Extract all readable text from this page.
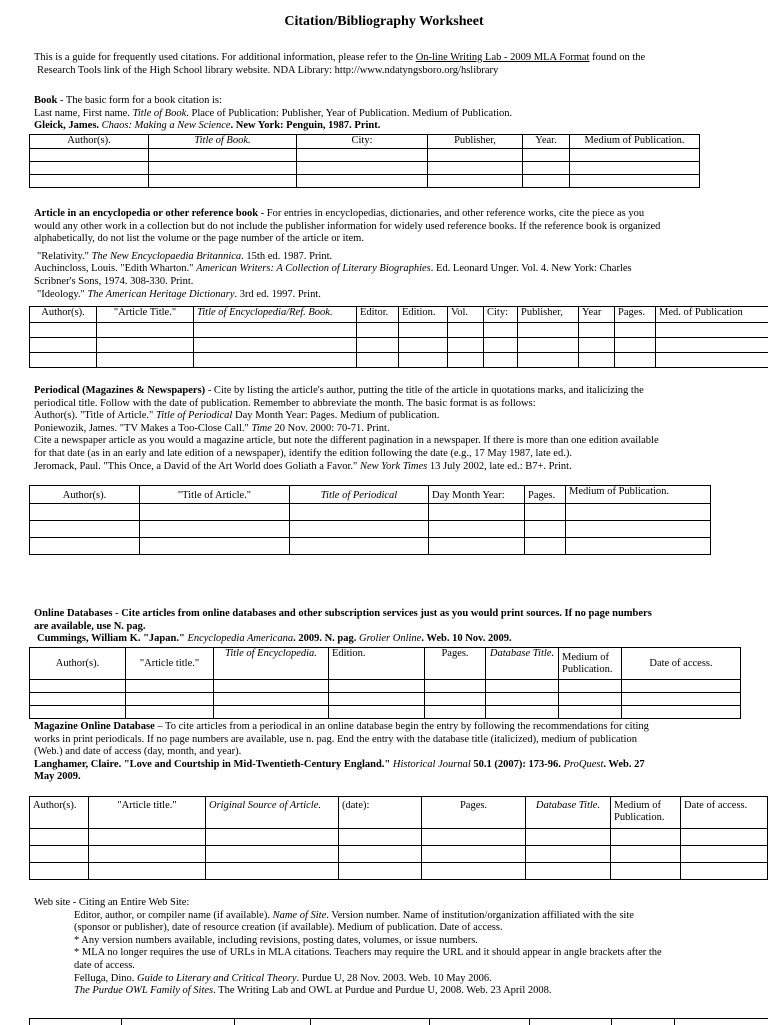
Citation/Bibliography Worksheet
This is a guide for frequently used citations. For additional information, please refer to the On-line Writing Lab - 2009 MLA Format found on the
Research Tools link of the High School library website. NDA Library: http://www.ndatyngsboro.org/hslibrary
Book - The basic form for a book citation is:
Last name, First name. Title of Book. Place of Publication: Publisher, Year of Publication. Medium of Publication.
Gleick, James. Chaos: Making a New Science. New York: Penguin, 1987. Print.
Author(s).	Title of Book.	City:	Publisher,	Year.	Medium of Publication.

Article in an encyclopedia or other reference book - For entries in encyclopedias, dictionaries, and other reference works, cite the piece as you
would any other work in a collection but do not include the publisher information for widely used reference books. If the reference book is organized
alphabetically, do not list the volume or the page number of the article or item.
"Relativity." The New Encyclopaedia Britannica. 15th ed. 1987. Print.
Auchincloss, Louis. "Edith Wharton." American Writers: A Collection of Literary Biographies. Ed. Leonard Unger. Vol. 4. New York: Charles
Scribner's Sons, 1974. 308-330. Print.
"Ideology." The American Heritage Dictionary. 3rd ed. 1997. Print.
Author(s).	"Article Title."	Title of Encyclopedia/Ref. Book.	Editor.	Edition.	Vol.	City:	Publisher,	Year	Pages.	Med. of Publication

Periodical (Magazines & Newspapers) - Cite by listing the article's author, putting the title of the article in quotations marks, and italicizing the
periodical title. Follow with the date of publication. Remember to abbreviate the month. The basic format is as follows:
Author(s). "Title of Article." Title of Periodical Day Month Year: Pages. Medium of publication.
Poniewozik, James. "TV Makes a Too-Close Call." Time 20 Nov. 2000: 70-71. Print.
Cite a newspaper article as you would a magazine article, but note the different pagination in a newspaper. If there is more than one edition available
for that date (as in an early and late edition of a newspaper), identify the edition following the date (e.g., 17 May 1987, late ed.).
Jeromack, Paul. "This Once, a David of the Art World does Goliath a Favor." New York Times 13 July 2002, late ed.: B7+. Print.
Author(s).	"Title of Article."	Title of Periodical	Day Month Year:	Pages.	Medium of Publication.

Online Databases - Cite articles from online databases and other subscription services just as you would print sources. If no page numbers
are available, use N. pag.
Cummings, William K. "Japan." Encyclopedia Americana. 2009. N. pag. Grolier Online. Web. 10 Nov. 2009.
Author(s).	"Article title."	Title of Encyclopedia.	Edition.	Pages.	Database Title.	Medium of Publication.	Date of access.

Magazine Online Database – To cite articles from a periodical in an online database begin the entry by following the recommendations for citing
works in print periodicals. If no page numbers are available, use n. pag. End the entry with the database title (italicized), medium of publication
(Web.) and date of access (day, month, and year).
Langhamer, Claire. "Love and Courtship in Mid-Twentieth-Century England." Historical Journal 50.1 (2007): 173-96. ProQuest. Web. 27
May 2009.
Author(s).	"Article title."	Original Source of Article.	(date):	Pages.	Database Title.	Medium of Publication.	Date of access.

Web site - Citing an Entire Web Site:
Editor, author, or compiler name (if available). Name of Site. Version number. Name of institution/organization affiliated with the site
(sponsor or publisher), date of resource creation (if available). Medium of publication. Date of access.
* Any version numbers available, including revisions, posting dates, volumes, or issue numbers.
* MLA no longer requires the use of URLs in MLA citations. Teachers may require the URL and it should appear in angle brackets after the
date of access.
Felluga, Dino. Guide to Literary and Critical Theory. Purdue U, 28 Nov. 2003. Web. 10 May 2006.
The Purdue OWL Family of Sites. The Writing Lab and OWL at Purdue and Purdue U, 2008. Web. 23 April 2008.
